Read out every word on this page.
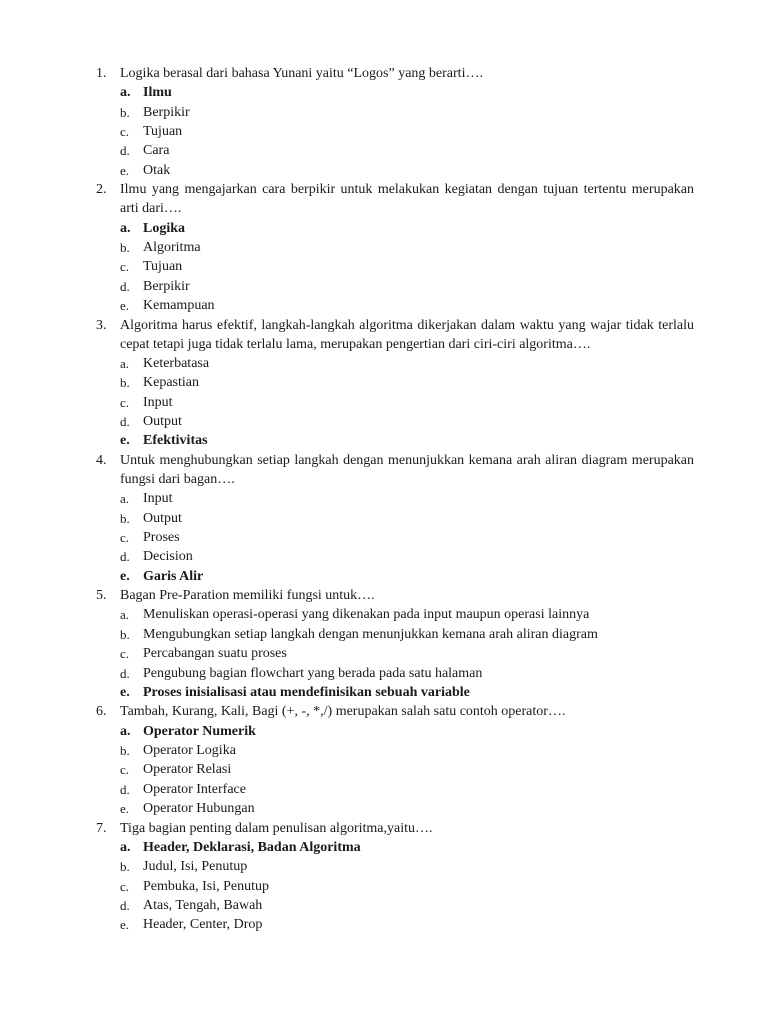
1. Logika berasal dari bahasa Yunani yaitu “Logos” yang berarti….
a. Ilmu
b. Berpikir
c. Tujuan
d. Cara
e. Otak
2. Ilmu yang mengajarkan cara berpikir untuk melakukan kegiatan dengan tujuan tertentu merupakan arti dari….
a. Logika
b. Algoritma
c. Tujuan
d. Berpikir
e. Kemampuan
3. Algoritma harus efektif, langkah-langkah algoritma dikerjakan dalam waktu yang wajar tidak terlalu cepat tetapi juga tidak terlalu lama, merupakan pengertian dari ciri-ciri algoritma….
a. Keterbatasa
b. Kepastian
c. Input
d. Output
e. Efektivitas
4. Untuk menghubungkan setiap langkah dengan menunjukkan kemana arah aliran diagram merupakan fungsi dari bagan….
a. Input
b. Output
c. Proses
d. Decision
e. Garis Alir
5. Bagan Pre-Paration memiliki fungsi untuk….
a. Menuliskan operasi-operasi yang dikenakan pada input maupun operasi lainnya
b. Mengubungkan setiap langkah dengan menunjukkan kemana arah aliran diagram
c. Percabangan suatu proses
d. Pengubung bagian flowchart yang berada pada satu halaman
e. Proses inisialisasi atau mendefinisikan sebuah variable
6. Tambah, Kurang, Kali, Bagi (+, -, *,/) merupakan salah satu contoh operator….
a. Operator Numerik
b. Operator Logika
c. Operator Relasi
d. Operator Interface
e. Operator Hubungan
7. Tiga bagian penting dalam penulisan algoritma,yaitu….
a. Header, Deklarasi, Badan Algoritma
b. Judul, Isi, Penutup
c. Pembuka, Isi, Penutup
d. Atas, Tengah, Bawah
e. Header, Center, Drop
